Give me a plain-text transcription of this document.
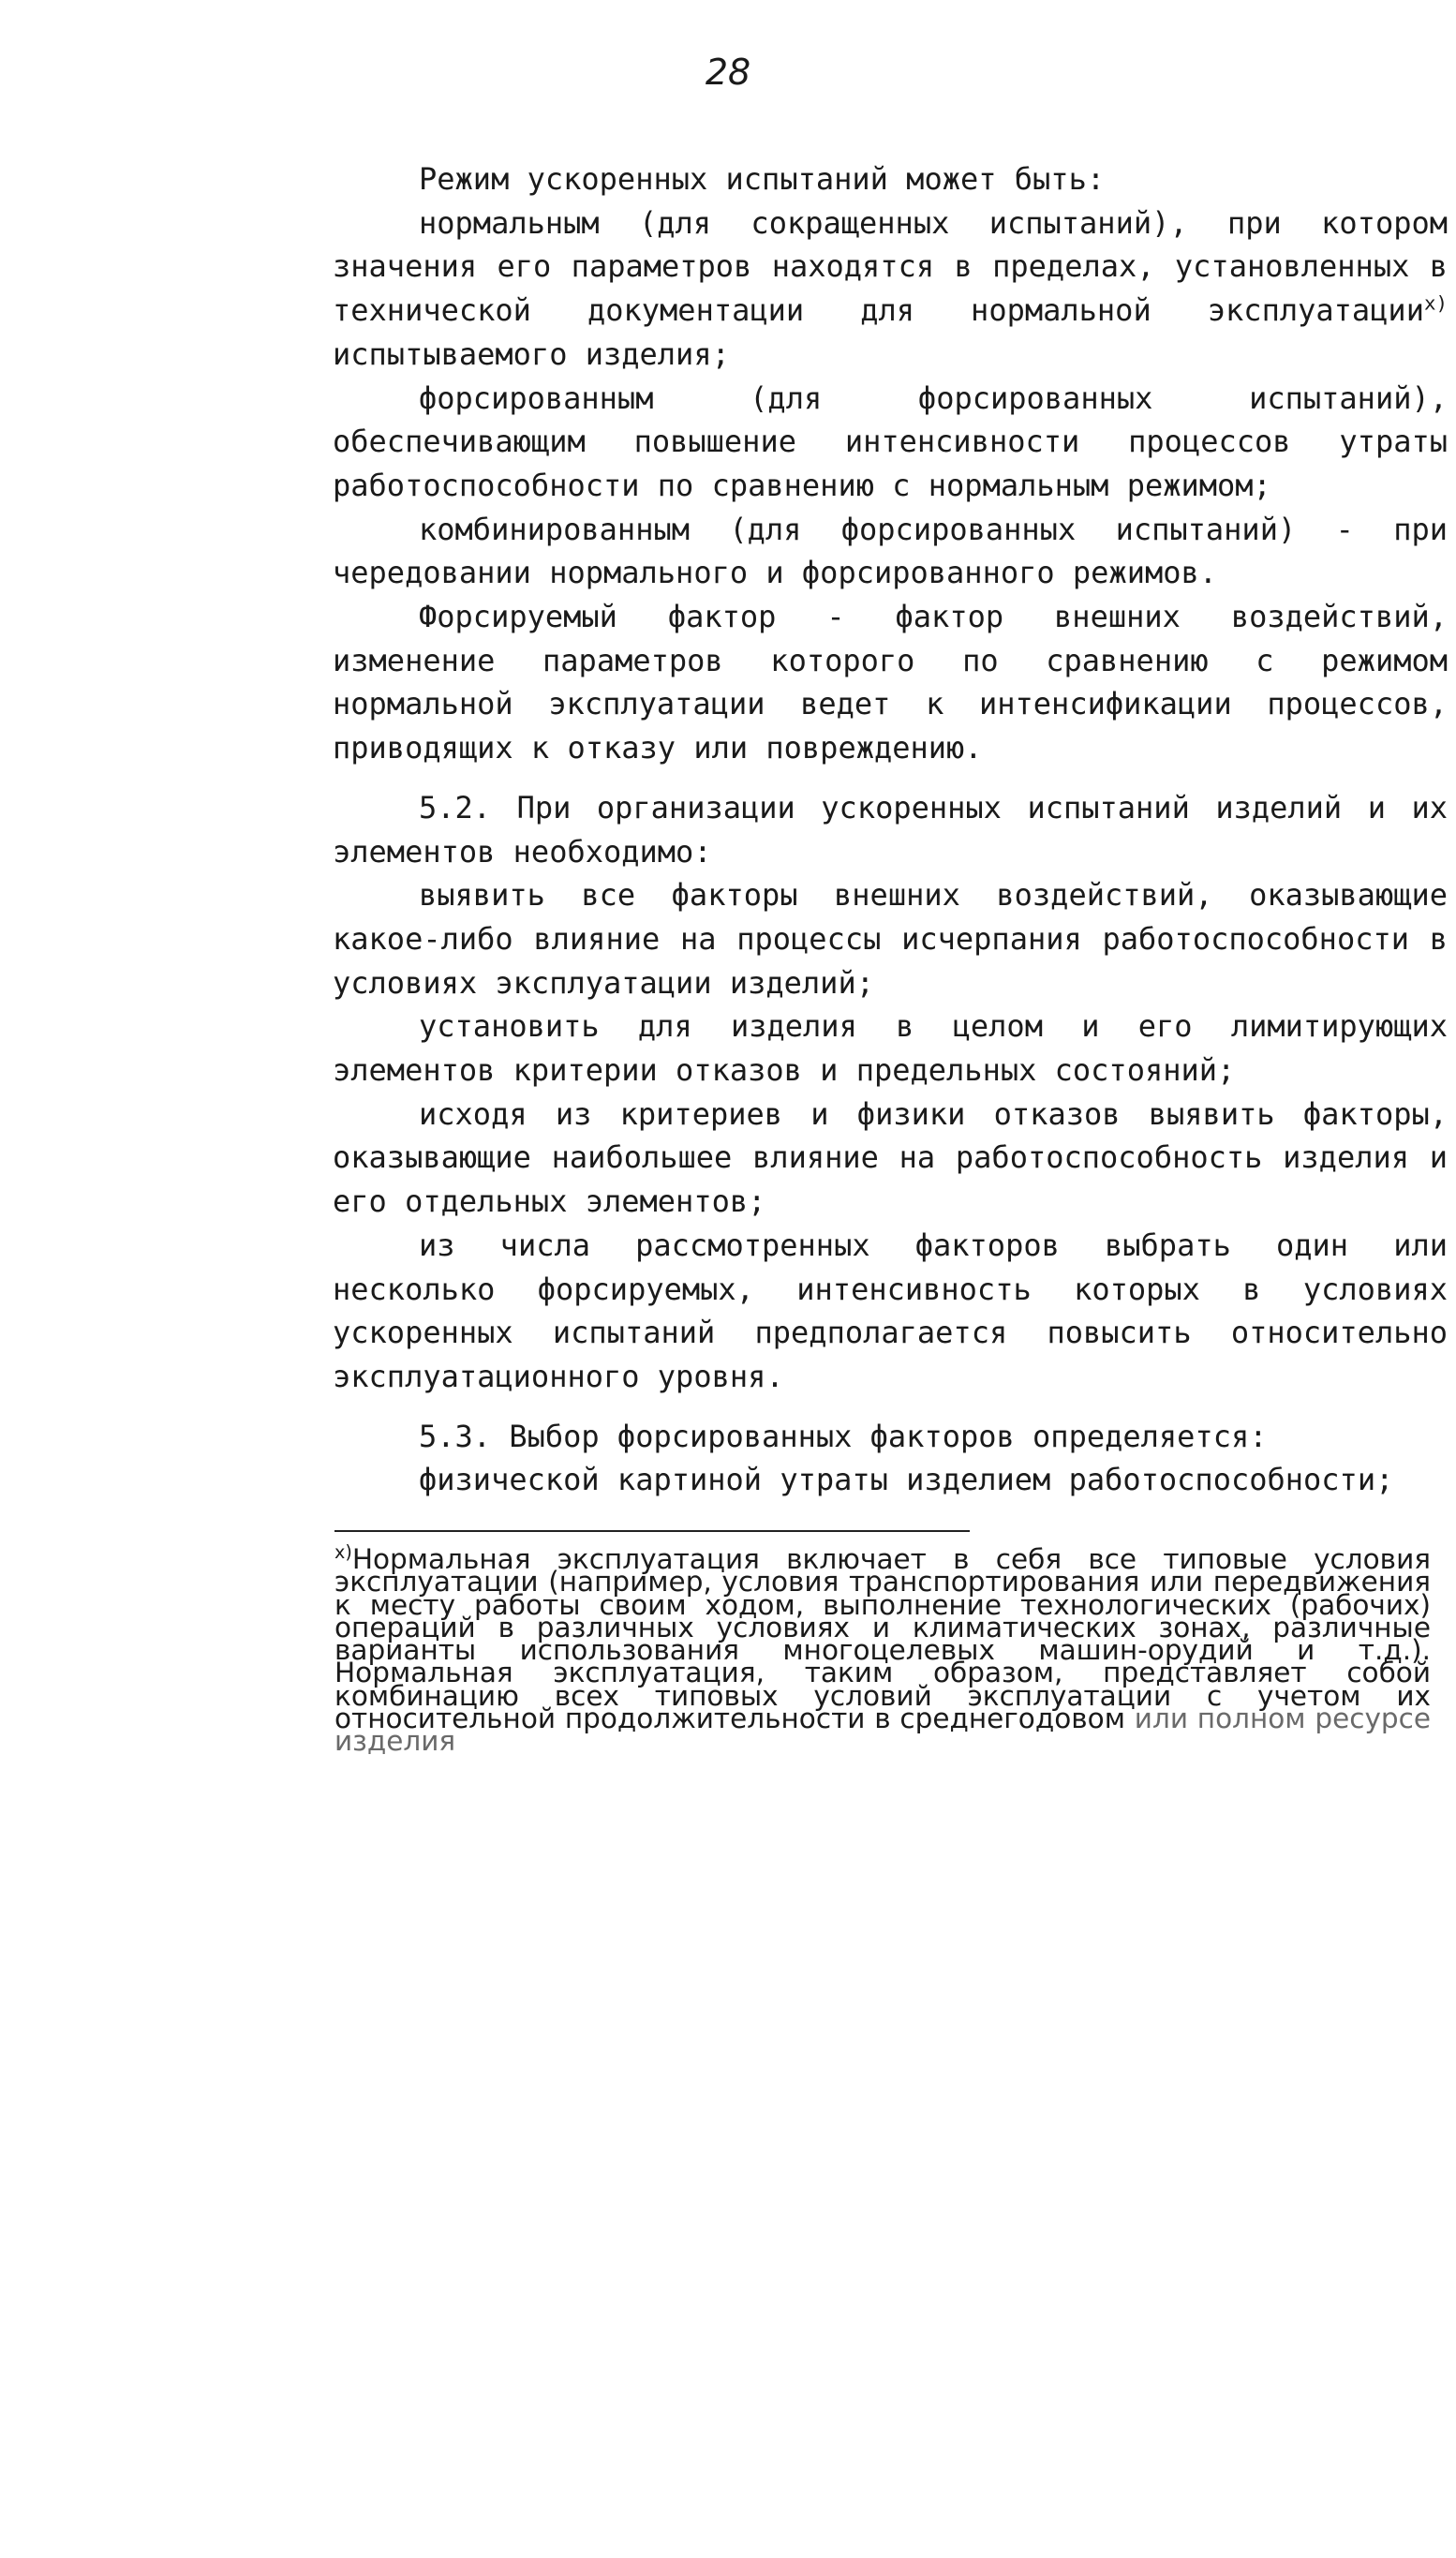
28

Режим ускоренных испытаний может быть:

нормальным (для сокращенных испытаний), при котором значения его параметров находятся в пределах, установленных в технической документации для нормальной эксплуатации$^{x)}$ испытываемого изделия;

форсированным (для форсированных испытаний), обеспечивающим повышение интенсивности процессов утраты работоспособности по сравнению с нормальным режимом;

комбинированным (для форсированных испытаний) - при чередовании нормального и форсированного режимов.

Форсируемый фактор - фактор внешних воздействий, изменение параметров которого по сравнению с режимом нормальной эксплуатации ведет к интенсификации процессов, приводящих к отказу или повреждению.

5.2. При организации ускоренных испытаний изделий и их элементов необходимо:

выявить все факторы внешних воздействий, оказывающие какое-либо влияние на процессы исчерпания работоспособности в условиях эксплуатации изделий;

установить для изделия в целом и его лимитирующих элементов критерии отказов и предельных состояний;

исходя из критериев и физики отказов выявить факторы, оказывающие наибольшее влияние на работоспособность изделия и его отдельных элементов;

из числа рассмотренных факторов выбрать один или несколько форсируемых, интенсивность которых в условиях ускоренных испытаний предполагается повысить относительно эксплуатационного уровня.

5.3. Выбор форсированных факторов определяется:

физической картиной утраты изделием работоспособности;

$^{x)}$Нормальная эксплуатация включает в себя все типовые условия эксплуатации (например, условия транспортирования или передвижения к месту работы своим ходом, выполнение технологических (рабочих) операций в различных условиях и климатических зонах, различные варианты использования многоцелевых машин-орудий и т.д.). Нормальная эксплуатация, таким образом, представляет собой комбинацию всех типовых условий эксплуатации с учетом их относительной продолжительности в среднегодовом или полном ресурсе изделия
